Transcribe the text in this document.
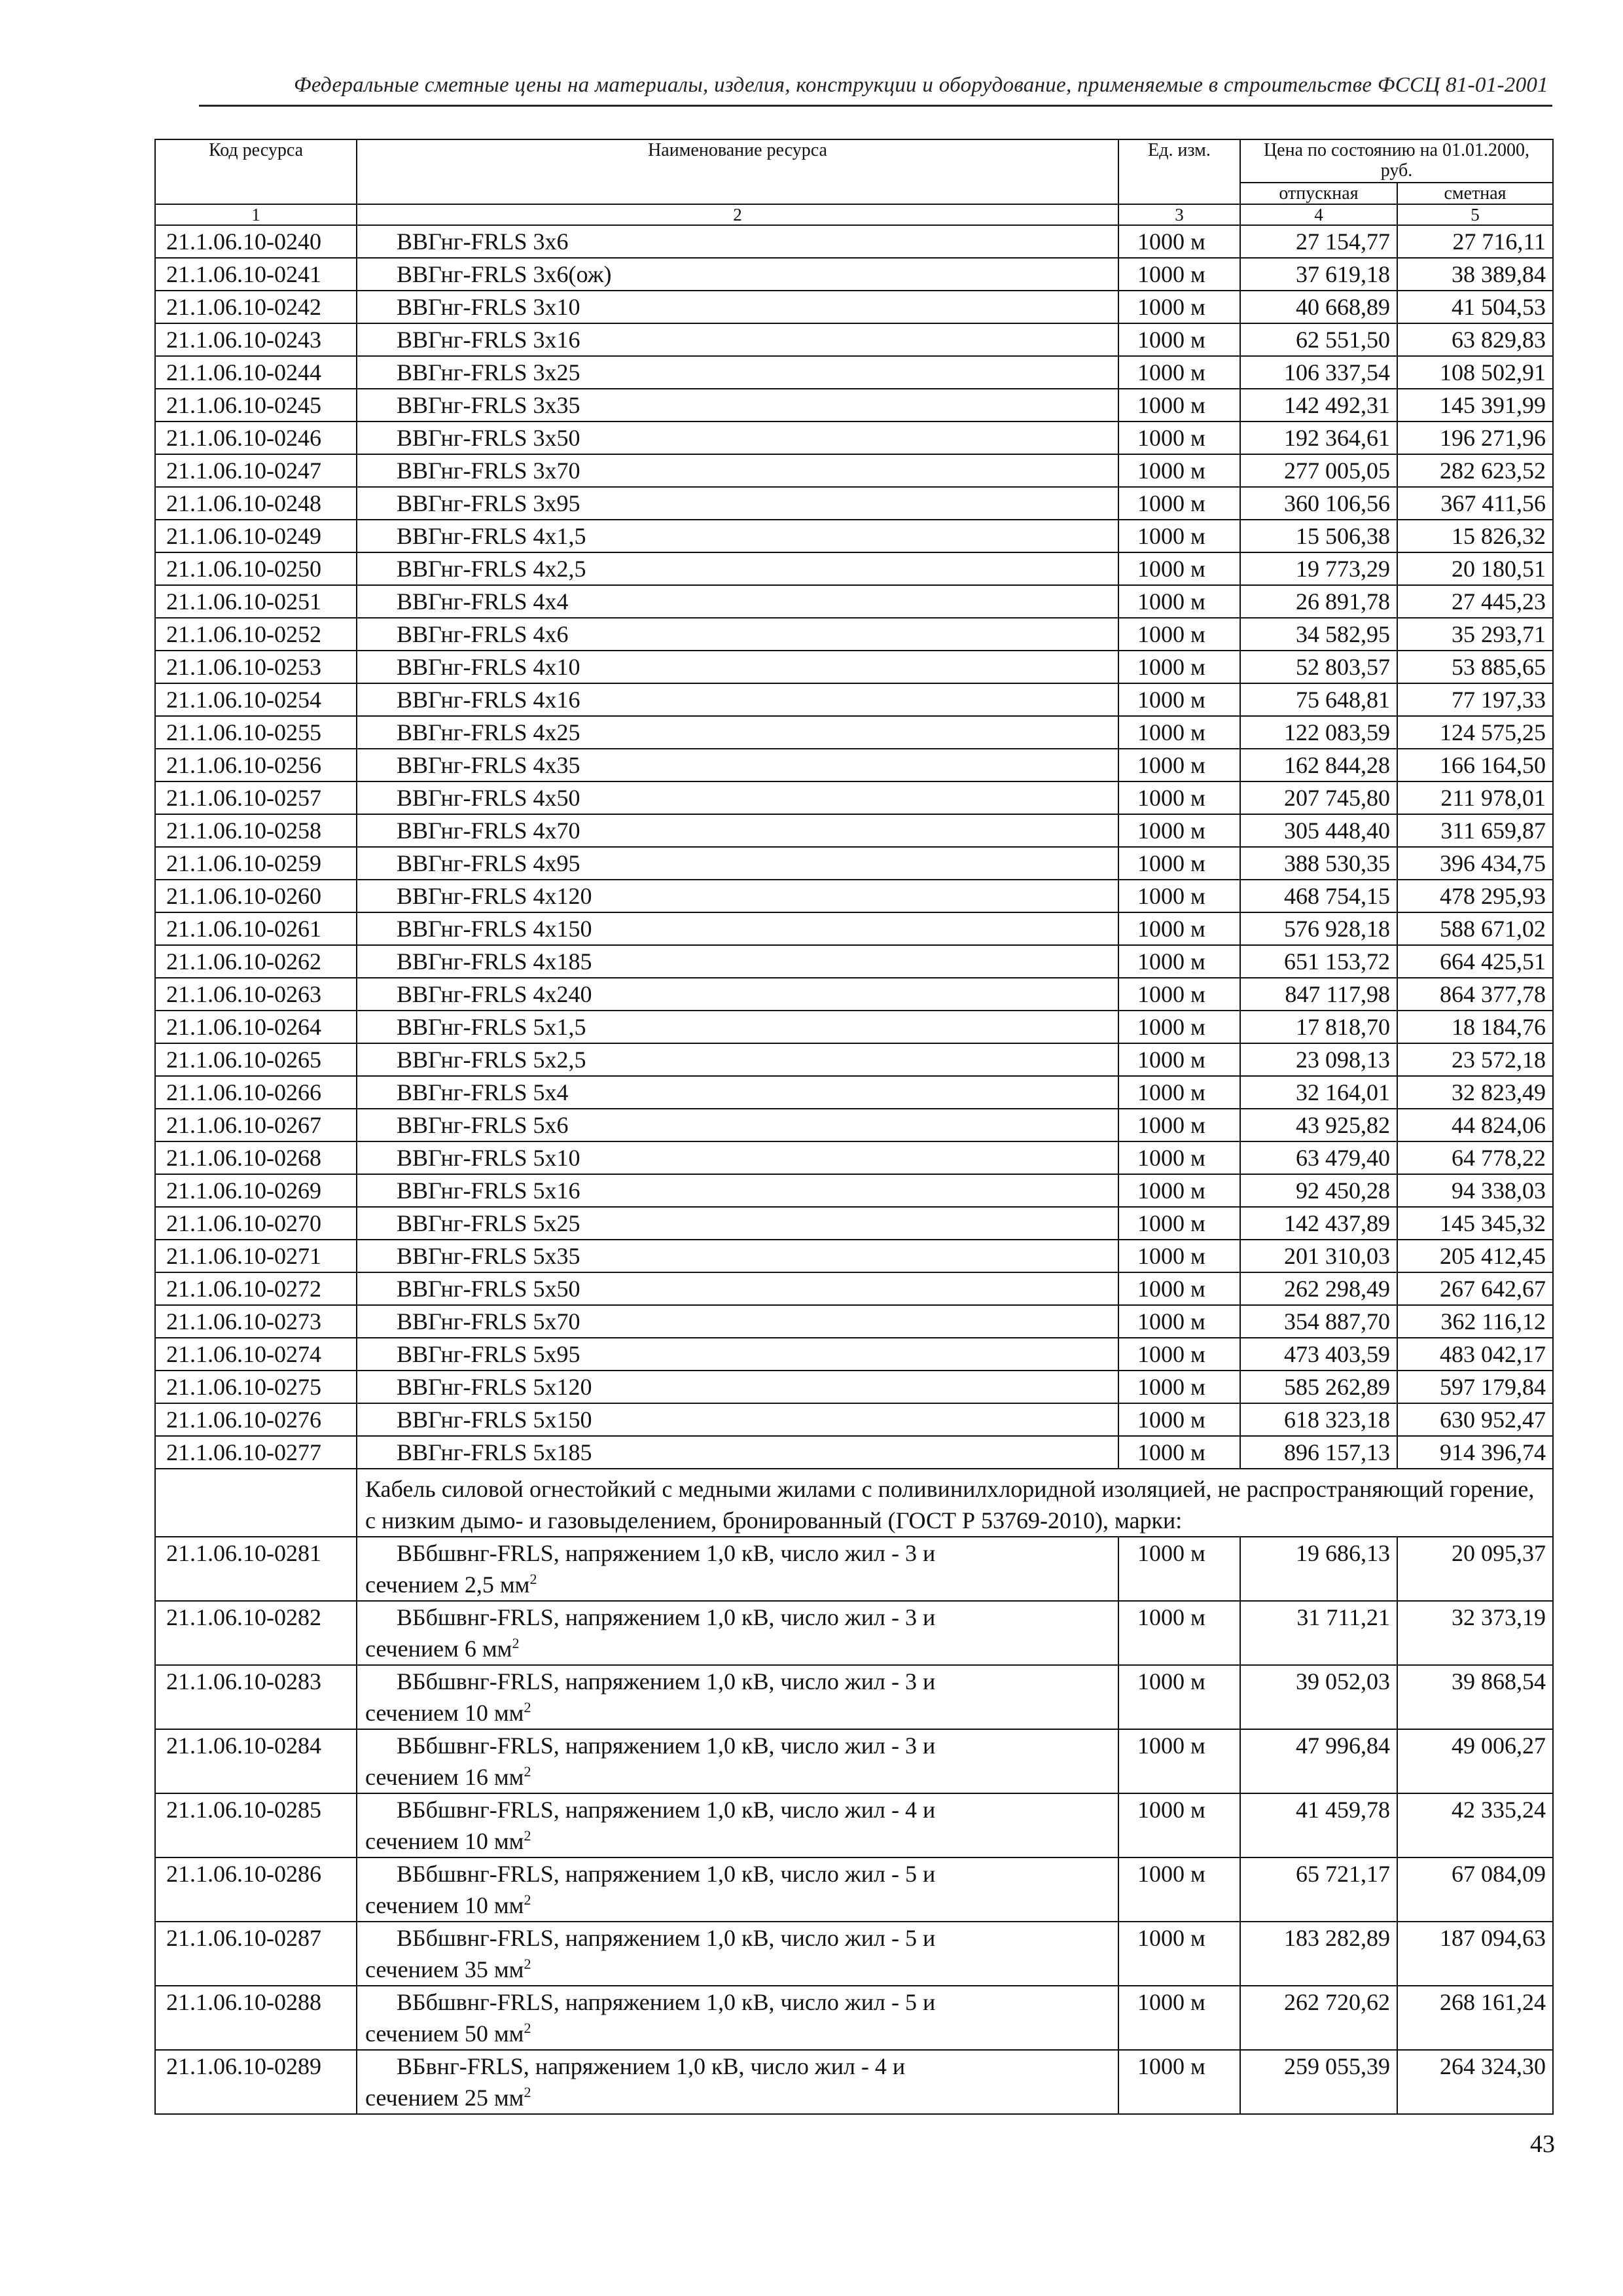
Федеральные сметные цены на материалы, изделия, конструкции и оборудование, применяемые в строительстве ФССЦ 81-01-2001
Код ресурса	Наименование ресурса	Ед. изм.	Цена по состоянию на 01.01.2000, руб.	
			отпускная	сметная
1	2	3	4	5
21.1.06.10-0240	ВВГнг-FRLS 3х6	1000 м	27 154,77	27 716,11
21.1.06.10-0241	ВВГнг-FRLS 3х6(ож)	1000 м	37 619,18	38 389,84
21.1.06.10-0242	ВВГнг-FRLS 3х10	1000 м	40 668,89	41 504,53
21.1.06.10-0243	ВВГнг-FRLS 3х16	1000 м	62 551,50	63 829,83
21.1.06.10-0244	ВВГнг-FRLS 3х25	1000 м	106 337,54	108 502,91
21.1.06.10-0245	ВВГнг-FRLS 3х35	1000 м	142 492,31	145 391,99
21.1.06.10-0246	ВВГнг-FRLS 3х50	1000 м	192 364,61	196 271,96
21.1.06.10-0247	ВВГнг-FRLS 3х70	1000 м	277 005,05	282 623,52
21.1.06.10-0248	ВВГнг-FRLS 3х95	1000 м	360 106,56	367 411,56
21.1.06.10-0249	ВВГнг-FRLS 4х1,5	1000 м	15 506,38	15 826,32
21.1.06.10-0250	ВВГнг-FRLS 4х2,5	1000 м	19 773,29	20 180,51
21.1.06.10-0251	ВВГнг-FRLS 4х4	1000 м	26 891,78	27 445,23
21.1.06.10-0252	ВВГнг-FRLS 4х6	1000 м	34 582,95	35 293,71
21.1.06.10-0253	ВВГнг-FRLS 4х10	1000 м	52 803,57	53 885,65
21.1.06.10-0254	ВВГнг-FRLS 4х16	1000 м	75 648,81	77 197,33
21.1.06.10-0255	ВВГнг-FRLS 4х25	1000 м	122 083,59	124 575,25
21.1.06.10-0256	ВВГнг-FRLS 4х35	1000 м	162 844,28	166 164,50
21.1.06.10-0257	ВВГнг-FRLS 4х50	1000 м	207 745,80	211 978,01
21.1.06.10-0258	ВВГнг-FRLS 4х70	1000 м	305 448,40	311 659,87
21.1.06.10-0259	ВВГнг-FRLS 4х95	1000 м	388 530,35	396 434,75
21.1.06.10-0260	ВВГнг-FRLS 4х120	1000 м	468 754,15	478 295,93
21.1.06.10-0261	ВВГнг-FRLS 4х150	1000 м	576 928,18	588 671,02
21.1.06.10-0262	ВВГнг-FRLS 4х185	1000 м	651 153,72	664 425,51
21.1.06.10-0263	ВВГнг-FRLS 4х240	1000 м	847 117,98	864 377,78
21.1.06.10-0264	ВВГнг-FRLS 5х1,5	1000 м	17 818,70	18 184,76
21.1.06.10-0265	ВВГнг-FRLS 5х2,5	1000 м	23 098,13	23 572,18
21.1.06.10-0266	ВВГнг-FRLS 5х4	1000 м	32 164,01	32 823,49
21.1.06.10-0267	ВВГнг-FRLS 5х6	1000 м	43 925,82	44 824,06
21.1.06.10-0268	ВВГнг-FRLS 5х10	1000 м	63 479,40	64 778,22
21.1.06.10-0269	ВВГнг-FRLS 5х16	1000 м	92 450,28	94 338,03
21.1.06.10-0270	ВВГнг-FRLS 5х25	1000 м	142 437,89	145 345,32
21.1.06.10-0271	ВВГнг-FRLS 5х35	1000 м	201 310,03	205 412,45
21.1.06.10-0272	ВВГнг-FRLS 5х50	1000 м	262 298,49	267 642,67
21.1.06.10-0273	ВВГнг-FRLS 5х70	1000 м	354 887,70	362 116,12
21.1.06.10-0274	ВВГнг-FRLS 5х95	1000 м	473 403,59	483 042,17
21.1.06.10-0275	ВВГнг-FRLS 5х120	1000 м	585 262,89	597 179,84
21.1.06.10-0276	ВВГнг-FRLS 5х150	1000 м	618 323,18	630 952,47
21.1.06.10-0277	ВВГнг-FRLS 5х185	1000 м	896 157,13	914 396,74
	Кабель силовой огнестойкий с медными жилами с поливинилхлоридной изоляцией, не распространяющий горение, с низким дымо- и газовыделением, бронированный (ГОСТ Р 53769-2010), марки:			
21.1.06.10-0281	ВБбшвнг-FRLS, напряжением 1,0 кВ, число жил - 3 и
сечением 2,5 $мм^2$	1000 м	19 686,13	20 095,37
21.1.06.10-0282	ВБбшвнг-FRLS, напряжением 1,0 кВ, число жил - 3 и
сечением 6 $мм^2$	1000 м	31 711,21	32 373,19
21.1.06.10-0283	ВБбшвнг-FRLS, напряжением 1,0 кВ, число жил - 3 и
сечением 10 $мм^2$	1000 м	39 052,03	39 868,54
21.1.06.10-0284	ВБбшвнг-FRLS, напряжением 1,0 кВ, число жил - 3 и
сечением 16 $мм^2$	1000 м	47 996,84	49 006,27
21.1.06.10-0285	ВБбшвнг-FRLS, напряжением 1,0 кВ, число жил - 4 и
сечением 10 $мм^2$	1000 м	41 459,78	42 335,24
21.1.06.10-0286	ВБбшвнг-FRLS, напряжением 1,0 кВ, число жил - 5 и
сечением 10 $мм^2$	1000 м	65 721,17	67 084,09
21.1.06.10-0287	ВБбшвнг-FRLS, напряжением 1,0 кВ, число жил - 5 и
сечением 35 $мм^2$	1000 м	183 282,89	187 094,63
21.1.06.10-0288	ВБбшвнг-FRLS, напряжением 1,0 кВ, число жил - 5 и
сечением 50 $мм^2$	1000 м	262 720,62	268 161,24
21.1.06.10-0289	ВБвнг-FRLS, напряжением 1,0 кВ, число жил - 4 и
сечением 25 $мм^2$	1000 м	259 055,39	264 324,30
43
